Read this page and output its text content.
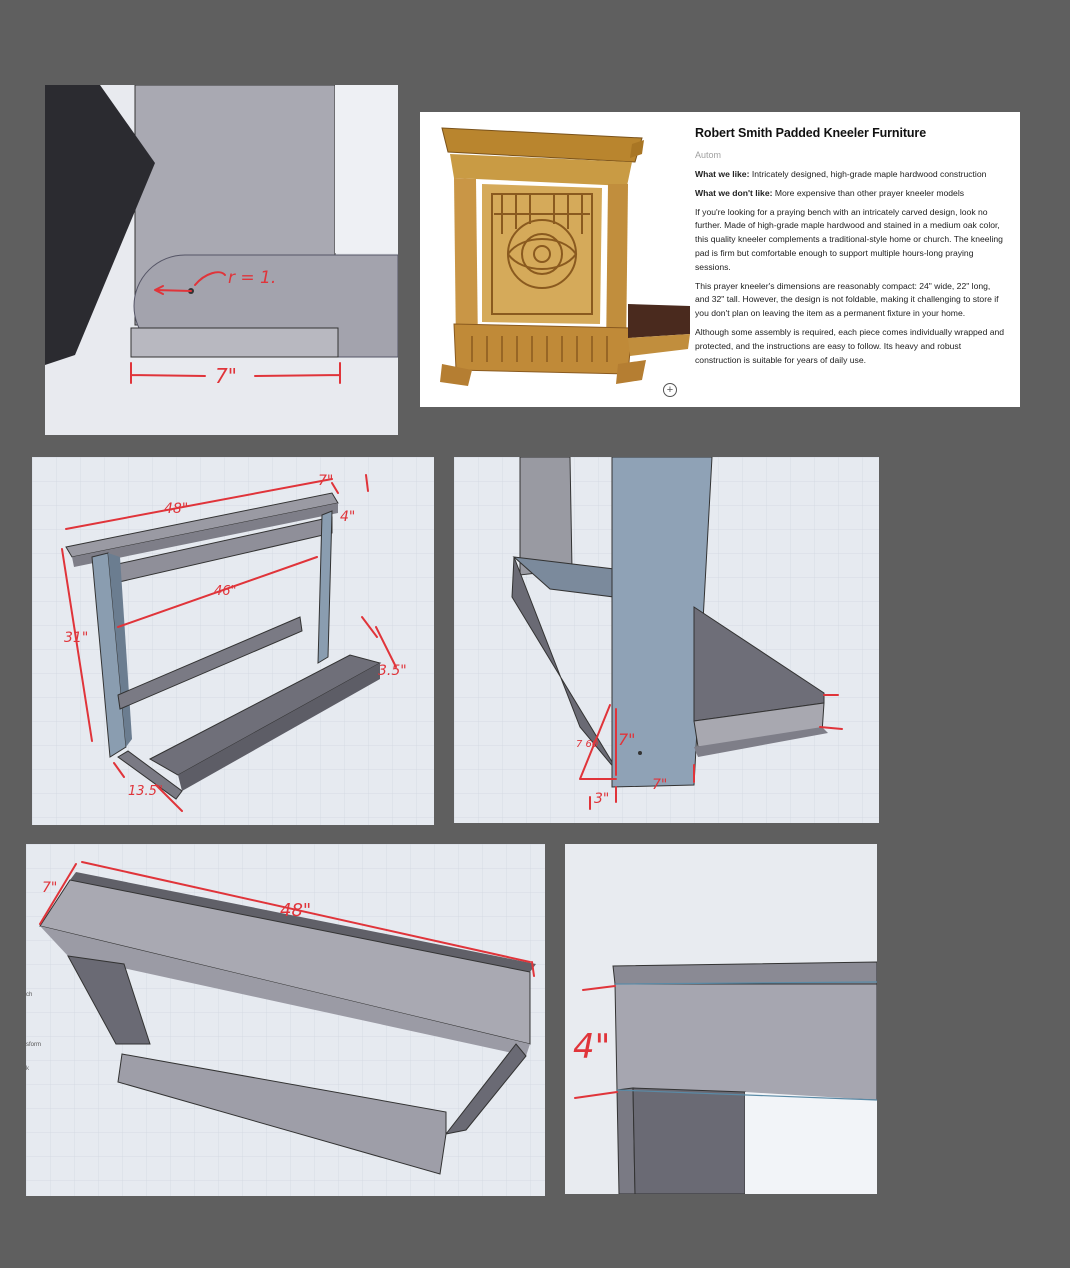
r = 1.
7"
+
Robert Smith Padded Kneeler Furniture
Autom

What we like: Intricately designed, high-grade maple hardwood construction

What we don't like: More expensive than other prayer kneeler models

If you're looking for a praying bench with an intricately carved design, look no further. Made of high-grade maple hardwood and stained in a medium oak color, this quality kneeler complements a traditional-style home or church. The kneeling pad is firm but comfortable enough to support multiple hours-long praying sessions.

This prayer kneeler's dimensions are reasonably compact: 24" wide, 22" long, and 32" tall. However, the design is not foldable, making it challenging to store if you don't plan on leaving the item as a permanent fixture in your home.

Although some assembly is required, each piece comes individually wrapped and protected, and the instructions are easy to follow. Its heavy and robust construction is suitable for years of daily use.

48"
7"
4"
46"
31"
3.5"
13.5"
7 60 7"
3"
7"
7"
48"
ch
sform
k
4"
